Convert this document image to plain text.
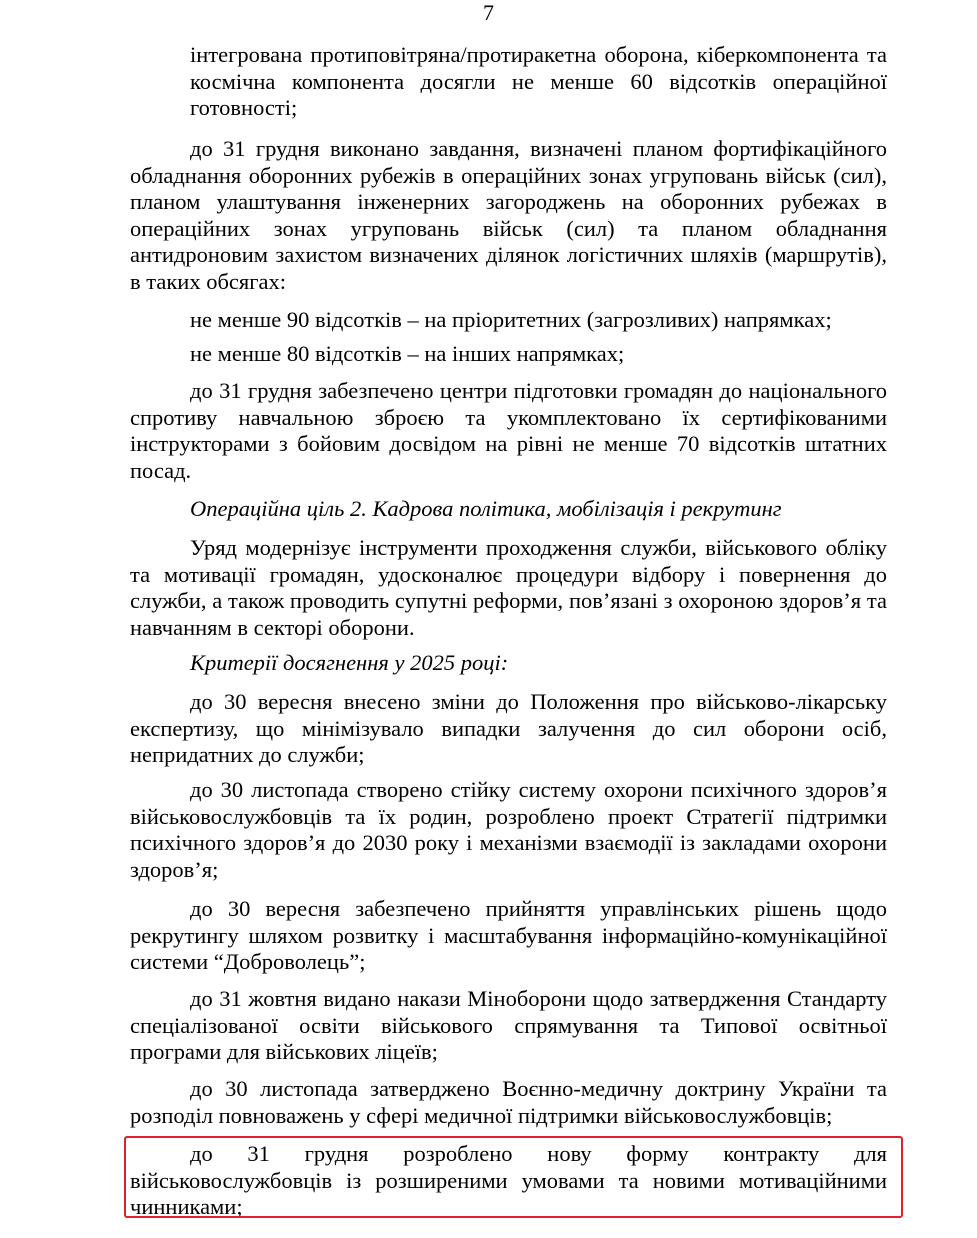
7

інтегрована протиповітряна/протиракетна оборона, кіберкомпонента та космічна компонента досягли не менше 60 відсотків операційної готовності;

до 31 грудня виконано завдання, визначені планом фортифікаційного обладнання оборонних рубежів в операційних зонах угруповань військ (сил), планом улаштування інженерних загороджень на оборонних рубежах в операційних зонах угруповань військ (сил) та планом обладнання антидроновим захистом визначених ділянок логістичних шляхів (маршрутів), в таких обсягах:

не менше 90 відсотків – на пріоритетних (загрозливих) напрямках;

не менше 80 відсотків – на інших напрямках;

до 31 грудня забезпечено центри підготовки громадян до національного спротиву навчальною зброєю та укомплектовано їх сертифікованими інструкторами з бойовим досвідом на рівні не менше 70 відсотків штатних посад.

Операційна ціль 2. Кадрова політика, мобілізація і рекрутинг

Уряд модернізує інструменти проходження служби, військового обліку та мотивації громадян, удосконалює процедури відбору і повернення до служби, а також проводить супутні реформи, пов’язані з охороною здоров’я та навчанням в секторі оборони.

Критерії досягнення у 2025 році:

до 30 вересня внесено зміни до Положення про військово-лікарську експертизу, що мінімізувало випадки залучення до сил оборони осіб, непридатних до служби;

до 30 листопада створено стійку систему охорони психічного здоров’я військовослужбовців та їх родин, розроблено проект Стратегії підтримки психічного здоров’я до 2030 року і механізми взаємодії із закладами охорони здоров’я;

до 30 вересня забезпечено прийняття управлінських рішень щодо рекрутингу шляхом розвитку і масштабування інформаційно-комунікаційної системи “Доброволець”;

до 31 жовтня видано накази Міноборони щодо затвердження Стандарту спеціалізованої освіти військового спрямування та Типової освітньої програми для військових ліцеїв;

до 30 листопада затверджено Воєнно-медичну доктрину України та розподіл повноважень у сфері медичної підтримки військовослужбовців;

до 31 грудня розроблено нову форму контракту для військовослужбовців із розширеними умовами та новими мотиваційними чинниками;
